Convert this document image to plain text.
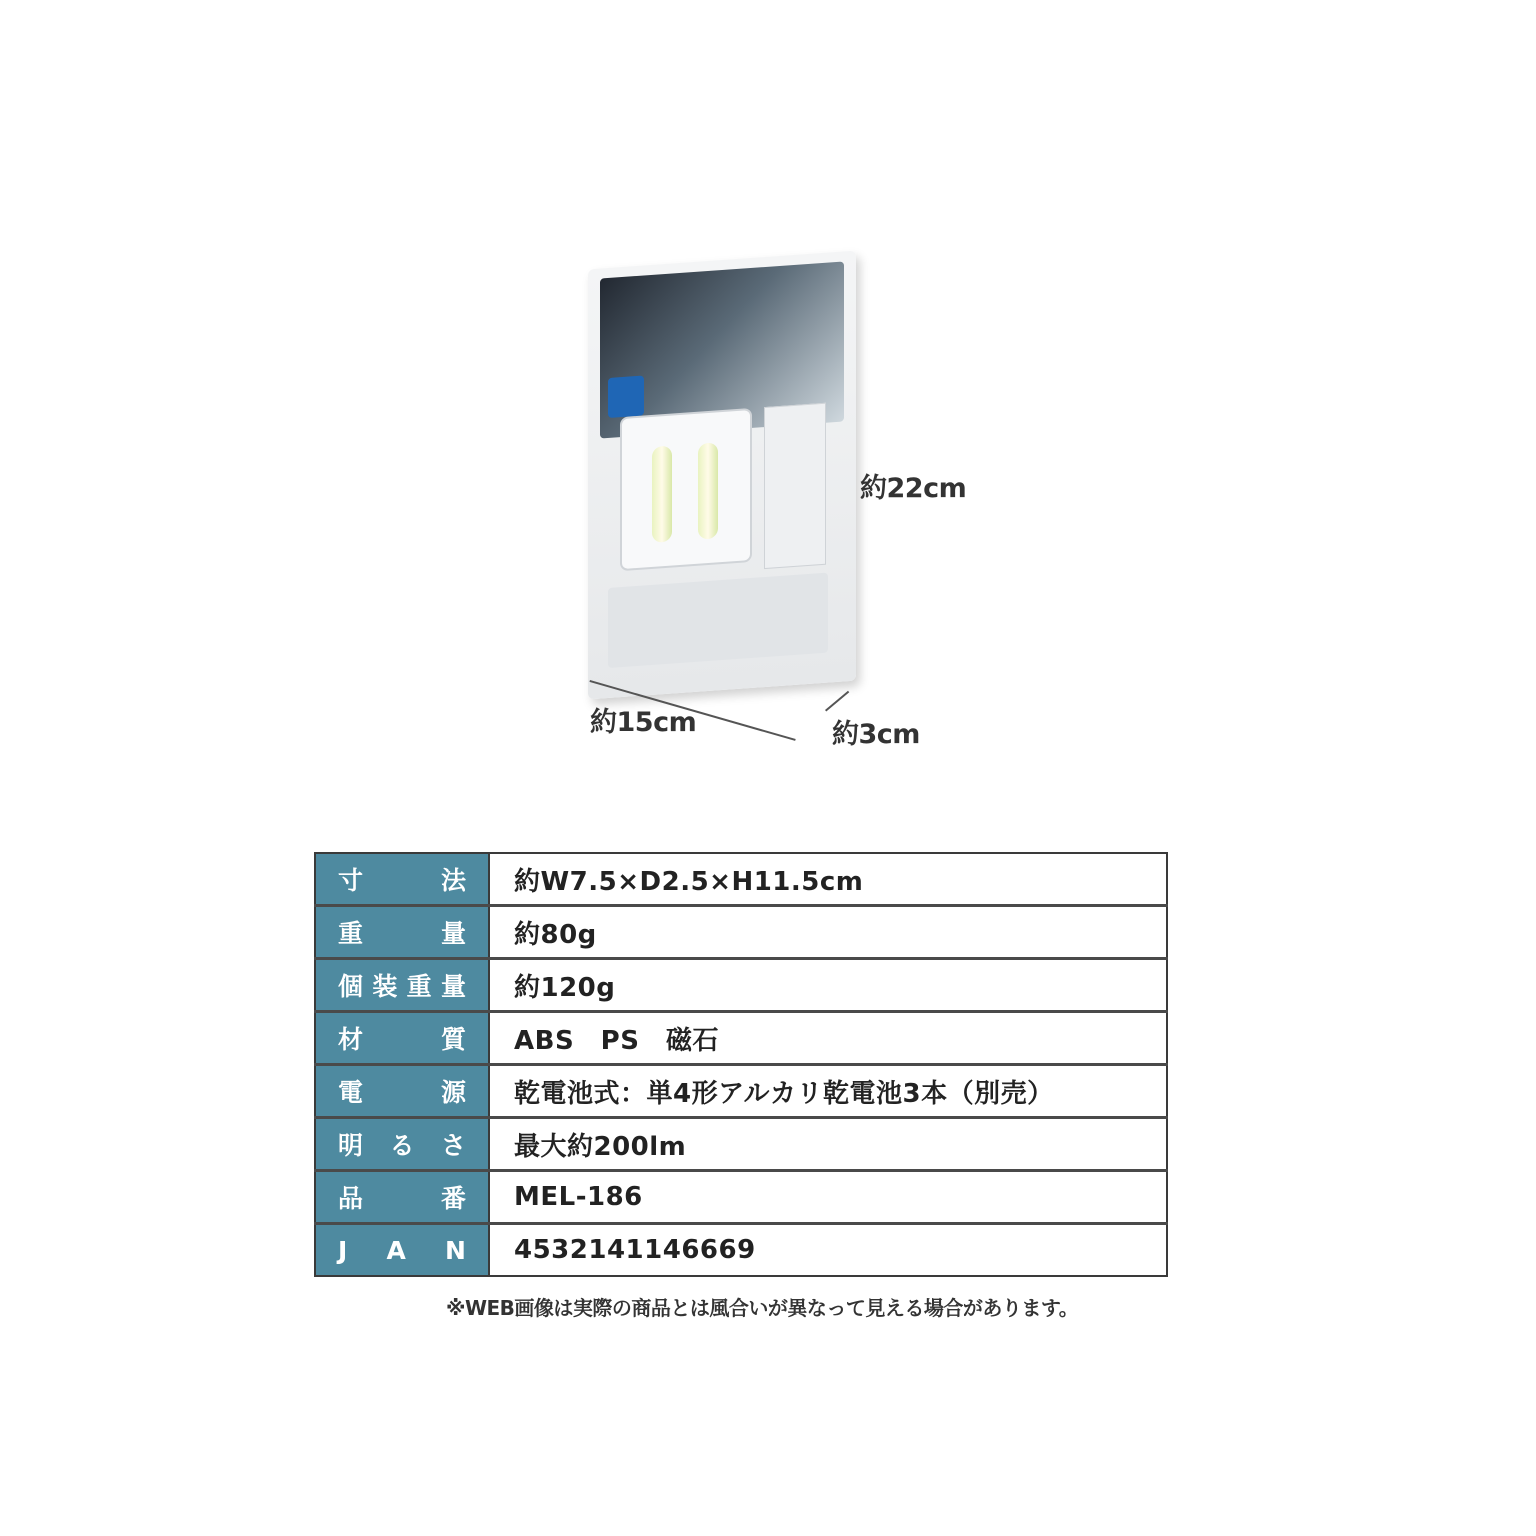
約22cm
約15cm	約3cm
寸 法	約W7.5×D2.5×H11.5cm

重 量	約80g

個 装 重 量	約120g

材 質	ABS　PS　磁石

電 源	乾電池式：単4形アルカリ乾電池3本（別売）

明 る さ	最大約200lm

品 番	MEL-186

J A N	4532141146669
※WEB画像は実際の商品とは風合いが異なって見える場合があります。
